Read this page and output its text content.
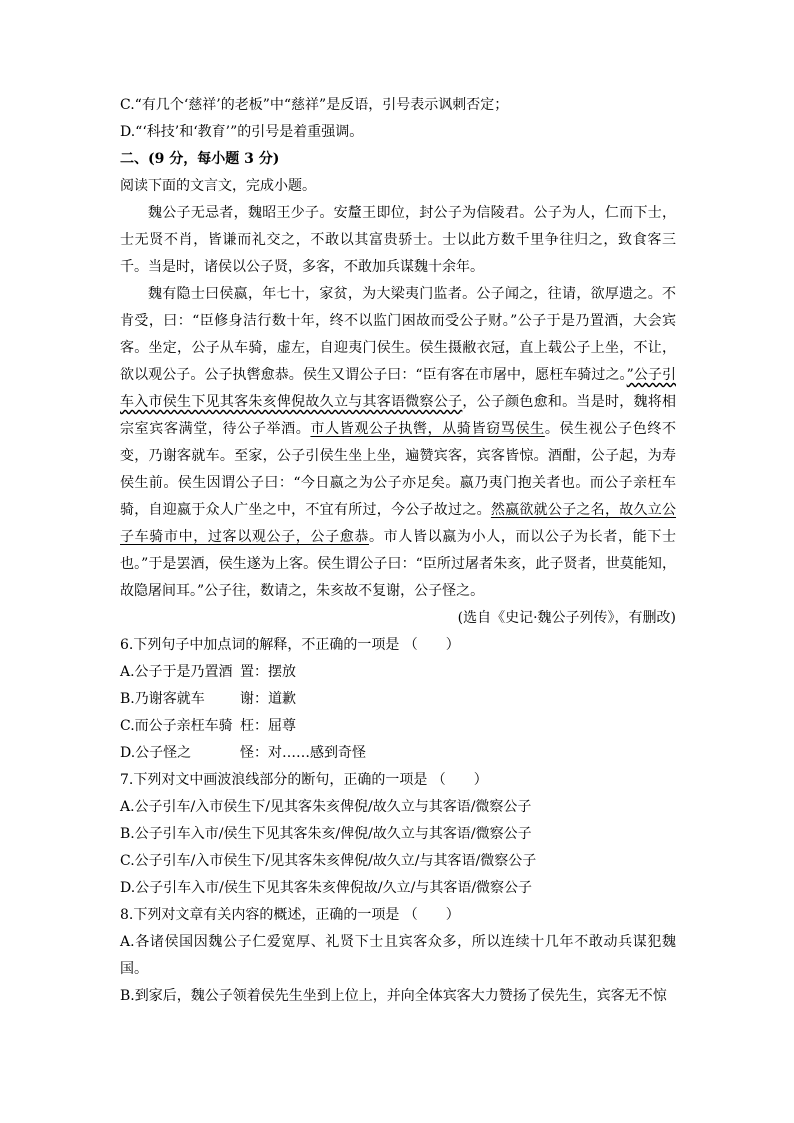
C.“有几个‘慈祥’的老板”中“慈祥”是反语，引号表示讽刺否定；
D.“‘科技’和‘教育’”的引号是着重强调。
二、(9 分，每小题 3 分)
阅读下面的文言文，完成小题。
魏公子无忌者，魏昭王少子。安釐王即位，封公子为信陵君。公子为人，仁而下士，士无贤不肖，皆谦而礼交之，不敢以其富贵骄士。士以此方数千里争往归之，致食客三千。当是时，诸侯以公子贤，多客，不敢加兵谋魏十余年。
魏有隐士曰侯嬴，年七十，家贫，为大梁夷门监者。公子闻之，往请，欲厚遗之。不肯受，曰：“臣修身洁行数十年，终不以监门困故而受公子财。”公子于是乃置酒，大会宾客。坐定，公子从车骑，虚左，自迎夷门侯生。侯生摄敝衣冠，直上载公子上坐，不让，欲以观公子。公子执辔愈恭。侯生又谓公子曰：“臣有客在市屠中，愿枉车骑过之。”公子引车入市侯生下见其客朱亥俾倪故久立与其客语微察公子，公子颜色愈和。当是时，魏将相宗室宾客满堂，待公子举酒。市人皆观公子执辔，从骑皆窃骂侯生。侯生视公子色终不变，乃谢客就车。至家，公子引侯生坐上坐，遍赞宾客，宾客皆惊。酒酣，公子起，为寿侯生前。侯生因谓公子曰：“今日嬴之为公子亦足矣。嬴乃夷门抱关者也。而公子亲枉车骑，自迎嬴于众人广坐之中，不宜有所过，今公子故过之。然嬴欲就公子之名，故久立公子车骑市中，过客以观公子，公子愈恭。市人皆以嬴为小人，而以公子为长者，能下士也。”于是罢酒，侯生遂为上客。侯生谓公子曰：“臣所过屠者朱亥，此子贤者，世莫能知，故隐屠间耳。”公子往，数请之，朱亥故不复谢，公子怪之。
(选自《史记·魏公子列传》，有删改)
6.下列句子中加点词的解释，不正确的一项是 （　　）
A.公子于是乃置酒 置：摆放
B.乃谢客就车	谢：道歉
C.而公子亲枉车骑 枉：屈尊
D.公子怪之	怪：对……感到奇怪
7.下列对文中画波浪线部分的断句，正确的一项是 （　　）
A.公子引车/入市侯生下/见其客朱亥俾倪/故久立与其客语/微察公子
B.公子引车入市/侯生下见其客朱亥/俾倪/故久立与其客语/微察公子
C.公子引车/入市侯生下/见其客朱亥俾倪/故久立/与其客语/微察公子
D.公子引车入市/侯生下见其客朱亥俾倪故/久立/与其客语/微察公子
8.下列对文章有关内容的概述，正确的一项是 （　　）
A.各诸侯国因魏公子仁爱宽厚、礼贤下士且宾客众多，所以连续十几年不敢动兵谋犯魏国。
B.到家后，魏公子领着侯先生坐到上位上，并向全体宾客大力赞扬了侯先生，宾客无不惊
